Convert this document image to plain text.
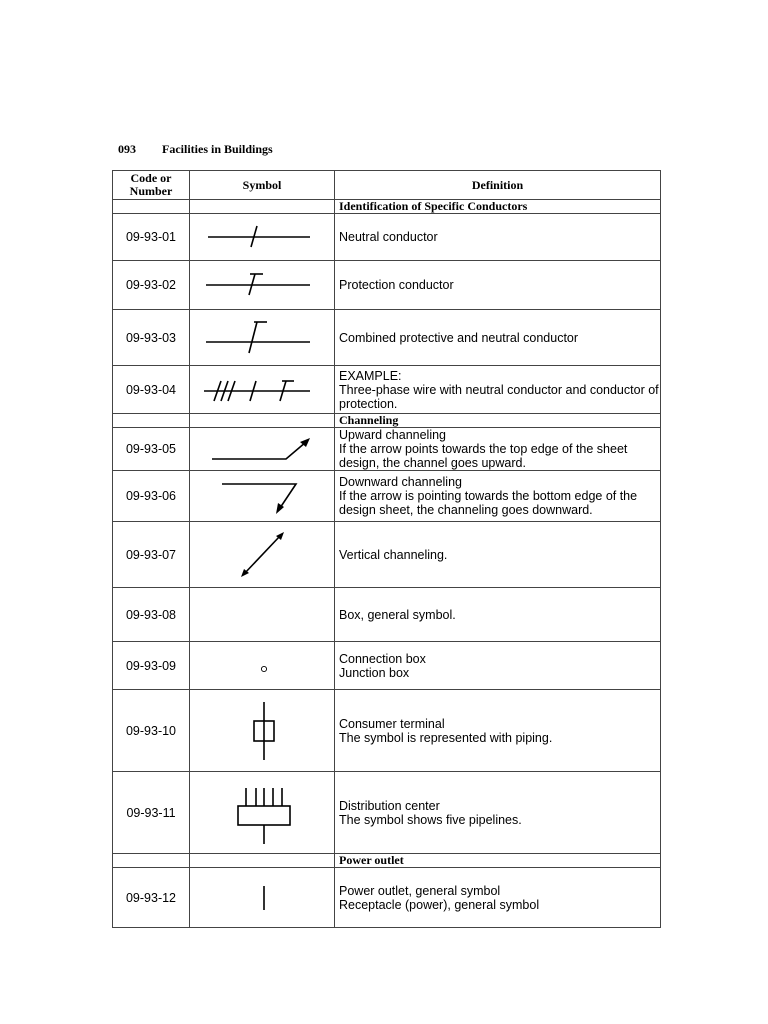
093 Facilities in Buildings
Code or
Number	Symbol	Definition
		Identification of Specific Conductors
09-93-01		Neutral conductor

09-93-02		Protection conductor

09-93-03		Combined protective and neutral conductor

09-93-04		EXAMPLE:
Three-phase wire with neutral conductor and conductor of
protection.

		Channeling
09-93-05		Upward channeling
If the arrow points towards the top edge of the sheet
design, the channel goes upward.

09-93-06		Downward channeling
If the arrow is pointing towards the bottom edge of the
design sheet, the channeling goes downward.

09-93-07		Vertical channeling.

09-93-08		Box, general symbol.

09-93-09		Connection box
Junction box

09-93-10		Consumer terminal
The symbol is represented with piping.

09-93-11		Distribution center
The symbol shows five pipelines.

		Power outlet
09-93-12		Power outlet, general symbol
Receptacle (power), general symbol
